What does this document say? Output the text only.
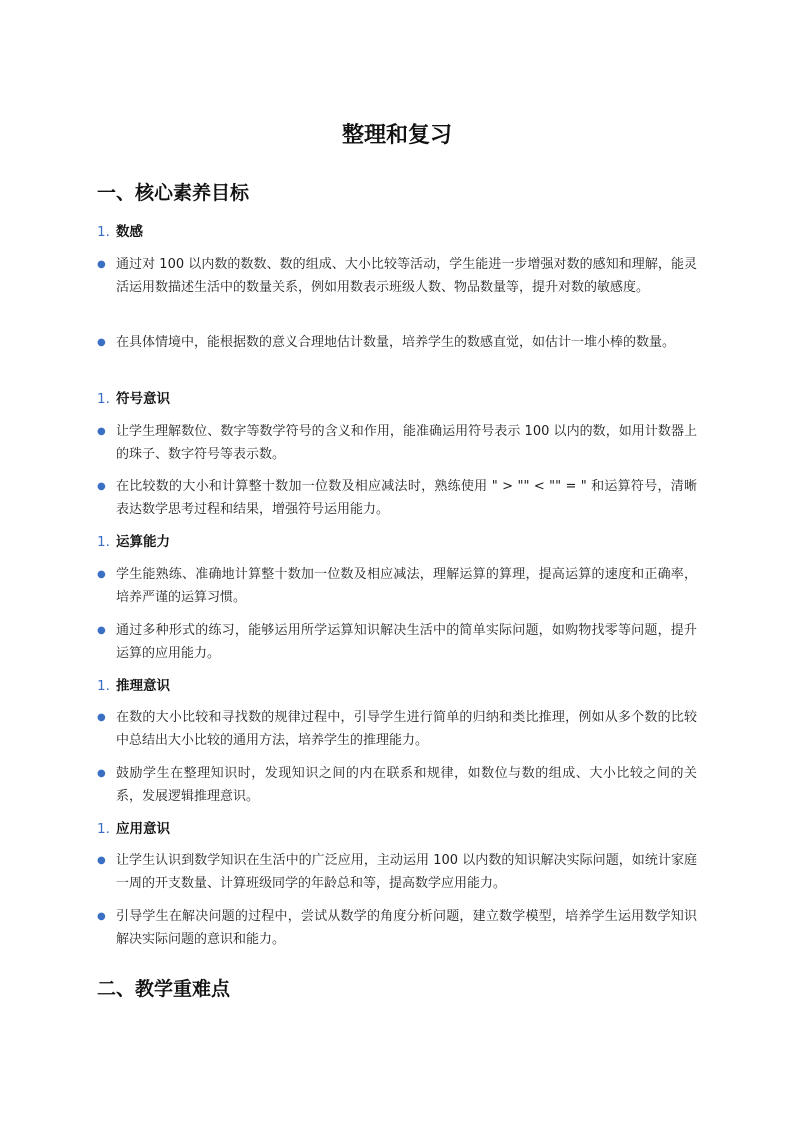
整理和复习
一、核心素养目标
1. 数感
● 通过对 100 以内数的数数、数的组成、大小比较等活动，学生能进一步增强对数的感知和理解，能灵活运用数描述生活中的数量关系，例如用数表示班级人数、物品数量等，提升对数的敏感度。
● 在具体情境中，能根据数的意义合理地估计数量，培养学生的数感直觉，如估计一堆小棒的数量。
1. 符号意识
● 让学生理解数位、数字等数学符号的含义和作用，能准确运用符号表示 100 以内的数，如用计数器上的珠子、数字符号等表示数。
● 在比较数的大小和计算整十数加一位数及相应减法时，熟练使用 " > "" < "" = " 和运算符号，清晰表达数学思考过程和结果，增强符号运用能力。
1. 运算能力
● 学生能熟练、准确地计算整十数加一位数及相应减法，理解运算的算理，提高运算的速度和正确率，培养严谨的运算习惯。
● 通过多种形式的练习，能够运用所学运算知识解决生活中的简单实际问题，如购物找零等问题，提升运算的应用能力。
1. 推理意识
● 在数的大小比较和寻找数的规律过程中，引导学生进行简单的归纳和类比推理，例如从多个数的比较中总结出大小比较的通用方法，培养学生的推理能力。
● 鼓励学生在整理知识时，发现知识之间的内在联系和规律，如数位与数的组成、大小比较之间的关系，发展逻辑推理意识。
1. 应用意识
● 让学生认识到数学知识在生活中的广泛应用，主动运用 100 以内数的知识解决实际问题，如统计家庭一周的开支数量、计算班级同学的年龄总和等，提高数学应用能力。
● 引导学生在解决问题的过程中，尝试从数学的角度分析问题，建立数学模型，培养学生运用数学知识解决实际问题的意识和能力。
二、教学重难点
